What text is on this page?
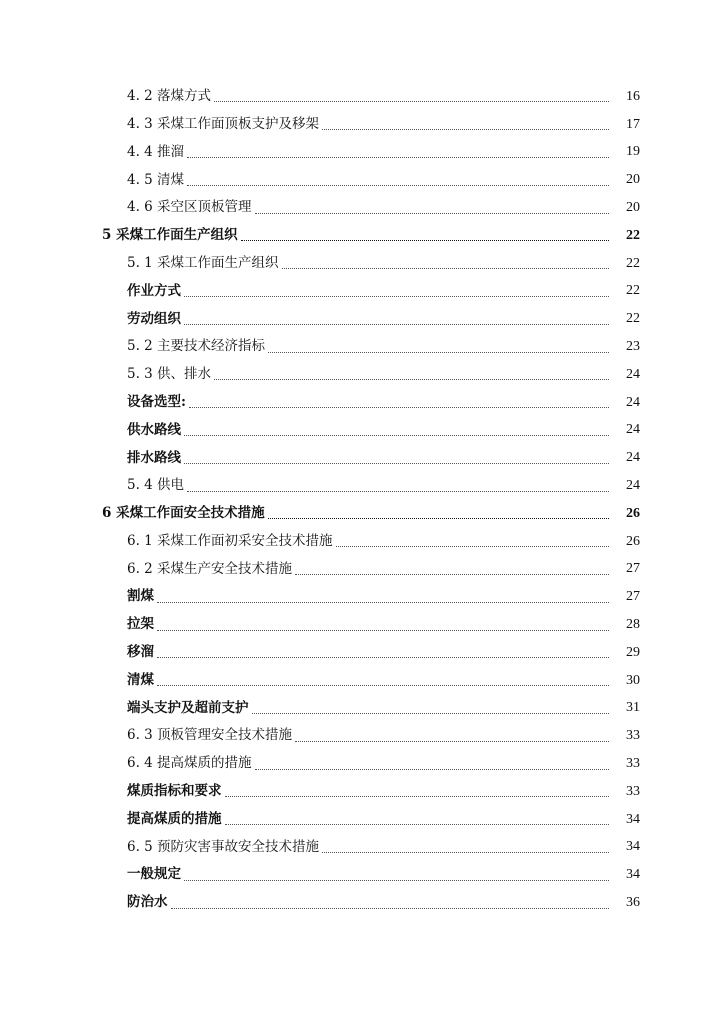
4. 2 落煤方式	16
4. 3 采煤工作面顶板支护及移架	17
4. 4 推溜	19
4. 5 清煤	20
4. 6 采空区顶板管理	20
5 采煤工作面生产组织	22
5. 1 采煤工作面生产组织	22
作业方式	22
劳动组织	22
5. 2 主要技术经济指标	23
5. 3 供、排水	24
设备选型:	24
供水路线	24
排水路线	24
5. 4 供电	24
6 采煤工作面安全技术措施	26
6. 1 采煤工作面初采安全技术措施	26
6. 2 采煤生产安全技术措施	27
割煤	27
拉架	28
移溜	29
清煤	30
端头支护及超前支护	31
6. 3 顶板管理安全技术措施	33
6. 4 提高煤质的措施	33
煤质指标和要求	33
提高煤质的措施	34
6. 5 预防灾害事故安全技术措施	34
一般规定	34
防治水	36
